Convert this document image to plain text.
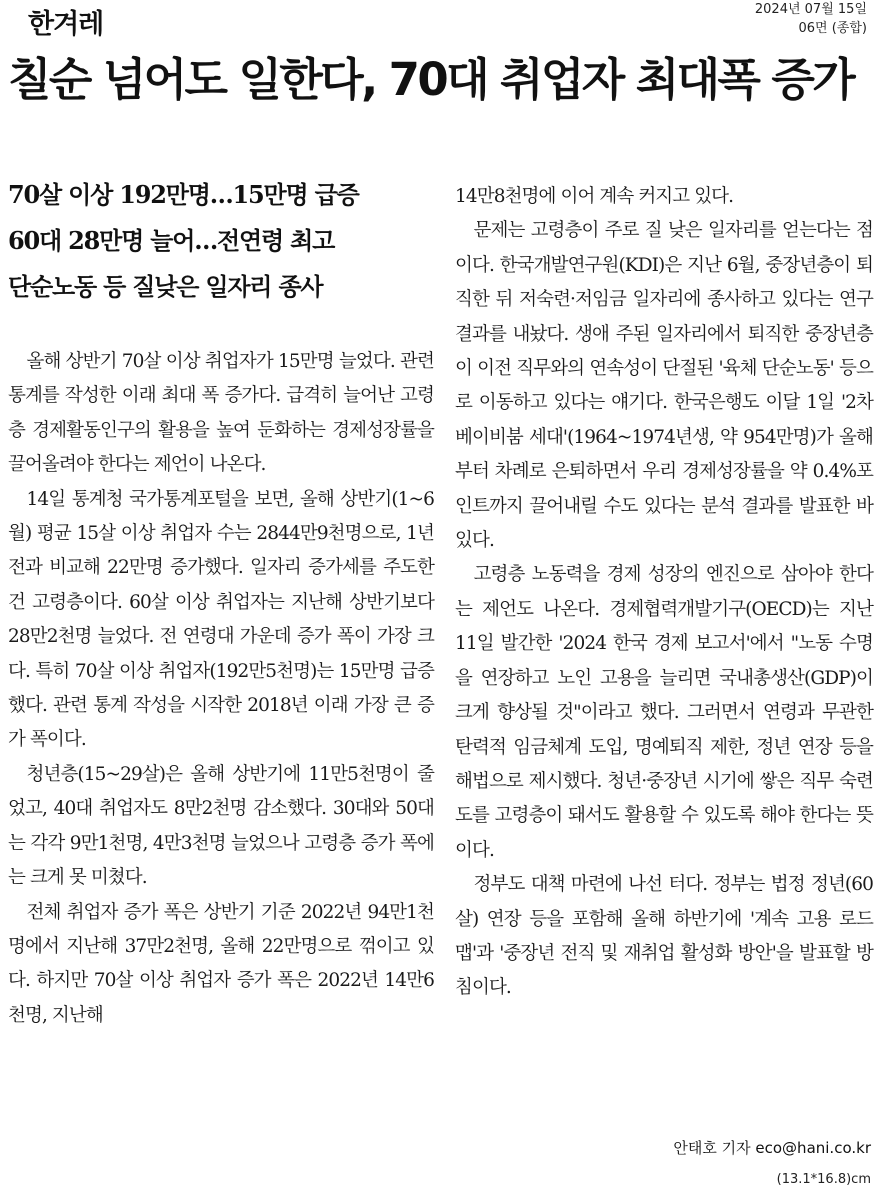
한겨레	2024년 07월 15일
06면 (종합)
칠순 넘어도 일한다, 70대 취업자 최대폭 증가
70살 이상 192만명…15만명 급증
60대 28만명 늘어…전연령 최고
단순노동 등 질낮은 일자리 종사

올해 상반기 70살 이상 취업자가 15만명 늘었다. 관련 통계를 작성한 이래 최대 폭 증가다. 급격히 늘어난 고령층 경제활동인구의 활용을 높여 둔화하는 경제성장률을 끌어올려야 한다는 제언이 나온다.

14일 통계청 국가통계포털을 보면, 올해 상반기(1~6월) 평균 15살 이상 취업자 수는 2844만9천명으로, 1년 전과 비교해 22만명 증가했다. 일자리 증가세를 주도한 건 고령층이다. 60살 이상 취업자는 지난해 상반기보다 28만2천명 늘었다. 전 연령대 가운데 증가 폭이 가장 크다. 특히 70살 이상 취업자(192만5천명)는 15만명 급증했다. 관련 통계 작성을 시작한 2018년 이래 가장 큰 증가 폭이다.

청년층(15~29살)은 올해 상반기에 11만5천명이 줄었고, 40대 취업자도 8만2천명 감소했다. 30대와 50대는 각각 9만1천명, 4만3천명 늘었으나 고령층 증가 폭에는 크게 못 미쳤다.

전체 취업자 증가 폭은 상반기 기준 2022년 94만1천명에서 지난해 37만2천명, 올해 22만명으로 꺾이고 있다. 하지만 70살 이상 취업자 증가 폭은 2022년 14만6천명, 지난해

14만8천명에 이어 계속 커지고 있다.

문제는 고령층이 주로 질 낮은 일자리를 얻는다는 점이다. 한국개발연구원(KDI)은 지난 6월, 중장년층이 퇴직한 뒤 저숙련·저임금 일자리에 종사하고 있다는 연구 결과를 내놨다. 생애 주된 일자리에서 퇴직한 중장년층이 이전 직무와의 연속성이 단절된 '육체 단순노동' 등으로 이동하고 있다는 얘기다. 한국은행도 이달 1일 '2차 베이비붐 세대'(1964~1974년생, 약 954만명)가 올해부터 차례로 은퇴하면서 우리 경제성장률을 약 0.4%포인트까지 끌어내릴 수도 있다는 분석 결과를 발표한 바 있다.

고령층 노동력을 경제 성장의 엔진으로 삼아야 한다는 제언도 나온다. 경제협력개발기구(OECD)는 지난 11일 발간한 '2024 한국 경제 보고서'에서 "노동 수명을 연장하고 노인 고용을 늘리면 국내총생산(GDP)이 크게 향상될 것"이라고 했다. 그러면서 연령과 무관한 탄력적 임금체계 도입, 명예퇴직 제한, 정년 연장 등을 해법으로 제시했다. 청년·중장년 시기에 쌓은 직무 숙련도를 고령층이 돼서도 활용할 수 있도록 해야 한다는 뜻이다.

정부도 대책 마련에 나선 터다. 정부는 법정 정년(60살) 연장 등을 포함해 올해 하반기에 '계속 고용 로드맵'과 '중장년 전직 및 재취업 활성화 방안'을 발표할 방침이다.

안태호 기자 eco@hani.co.kr
(13.1*16.8)cm
